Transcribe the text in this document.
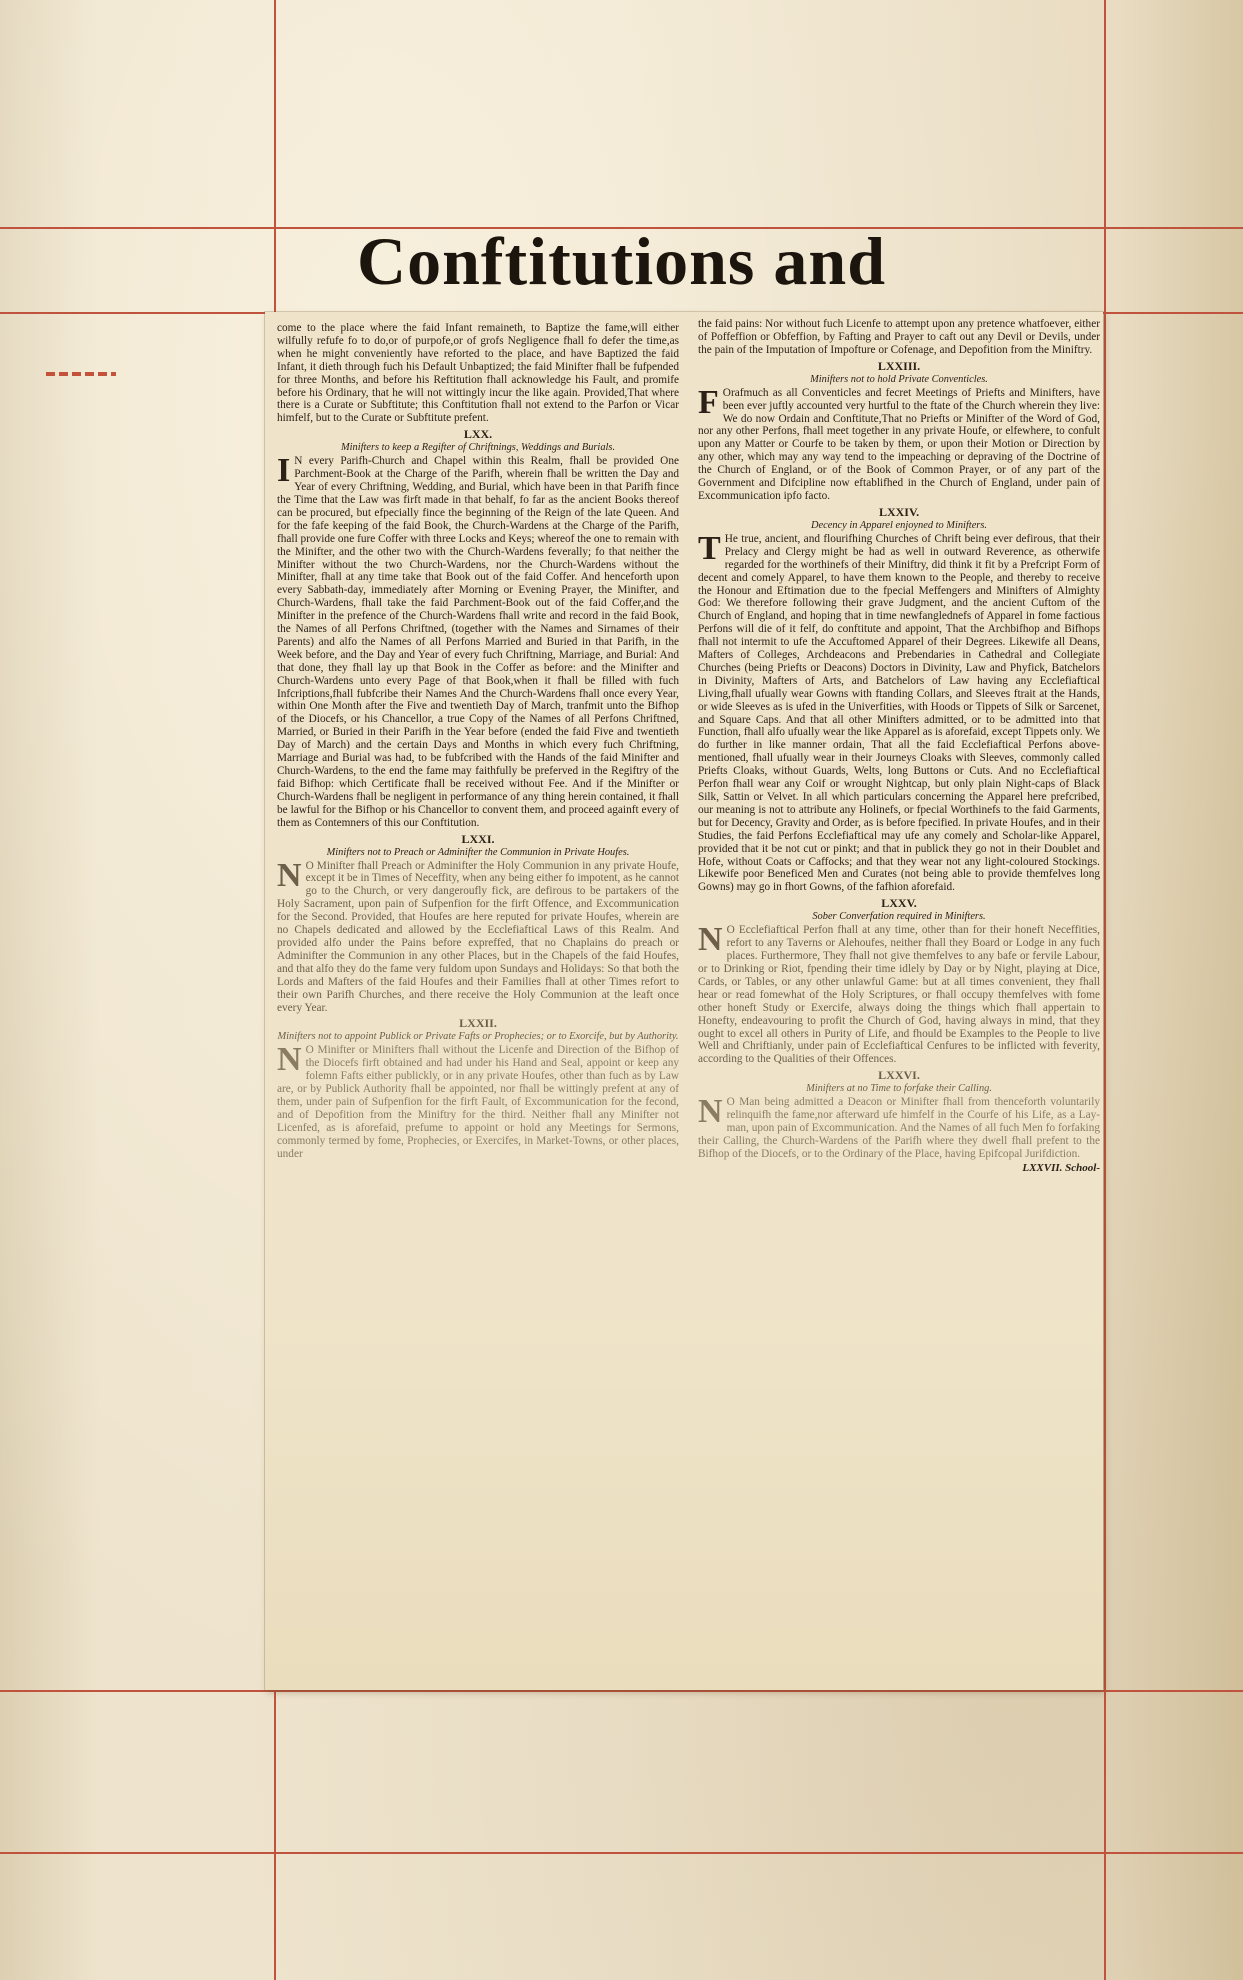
Conftitutions and

come to the place where the faid Infant remaineth, to Baptize the fame,will either wilfully refufe fo to do,or of purpofe,or of grofs Negligence fhall fo defer the time,as when he might conveniently have reforted to the place, and have Baptized the faid Infant, it dieth through fuch his Default Unbaptized; the faid Minifter fhall be fufpended for three Months, and before his Reftitution fhall acknowledge his Fault, and promife before his Ordinary, that he will not wittingly incur the like again. Provided,That where there is a Curate or Subftitute; this Conftitution fhall not extend to the Parfon or Vicar himfelf, but to the Curate or Subftitute prefent.

LXX.
Minifters to keep a Regifter of Chriftnings, Weddings and Burials.

I N every Parifh-Church and Chapel within this Realm, fhall be provided One Parchment-Book at the Charge of the Parifh, wherein fhall be written the Day and Year of every Chriftning, Wedding, and Burial, which have been in that Parifh fince the Time that the Law was firft made in that behalf, fo far as the ancient Books thereof can be procured, but efpecially fince the beginning of the Reign of the late Queen. And for the fafe keeping of the faid Book, the Church-Wardens at the Charge of the Parifh, fhall provide one fure Coffer with three Locks and Keys; whereof the one to remain with the Minifter, and the other two with the Church-Wardens feverally; fo that neither the Minifter without the two Church-Wardens, nor the Church-Wardens without the Minifter, fhall at any time take that Book out of the faid Coffer. And henceforth upon every Sabbath-day, immediately after Morning or Evening Prayer, the Minifter, and Church-Wardens, fhall take the faid Parchment-Book out of the faid Coffer,and the Minifter in the prefence of the Church-Wardens fhall write and record in the faid Book, the Names of all Perfons Chriftned, (together with the Names and Sirnames of their Parents) and alfo the Names of all Perfons Married and Buried in that Parifh, in the Week before, and the Day and Year of every fuch Chriftning, Marriage, and Burial: And that done, they fhall lay up that Book in the Coffer as before: and the Minifter and Church-Wardens unto every Page of that Book,when it fhall be filled with fuch Infcriptions,fhall fubfcribe their Names And the Church-Wardens fhall once every Year, within One Month after the Five and twentieth Day of March, tranfmit unto the Bifhop of the Diocefs, or his Chancellor, a true Copy of the Names of all Perfons Chriftned, Married, or Buried in their Parifh in the Year before (ended the faid Five and twentieth Day of March) and the certain Days and Months in which every fuch Chriftning, Marriage and Burial was had, to be fubfcribed with the Hands of the faid Minifter and Church-Wardens, to the end the fame may faithfully be preferved in the Regiftry of the faid Bifhop: which Certificate fhall be received without Fee. And if the Minifter or Church-Wardens fhall be negligent in performance of any thing herein contained, it fhall be lawful for the Bifhop or his Chancellor to convent them, and proceed againft every of them as Contemners of this our Conftitution.

LXXI.
Minifters not to Preach or Adminifter the Communion in Private Houfes.

N O Minifter fhall Preach or Adminifter the Holy Communion in any private Houfe, except it be in Times of Neceffity, when any being either fo impotent, as he cannot go to the Church, or very dangeroufly fick, are defirous to be partakers of the Holy Sacrament, upon pain of Sufpenfion for the firft Offence, and Excommunication for the Second. Provided, that Houfes are here reputed for private Houfes, wherein are no Chapels dedicated and allowed by the Ecclefiaftical Laws of this Realm. And provided alfo under the Pains before expreffed, that no Chaplains do preach or Adminifter the Communion in any other Places, but in the Chapels of the faid Houfes, and that alfo they do the fame very fuldom upon Sundays and Holidays: So that both the Lords and Mafters of the faid Houfes and their Families fhall at other Times refort to their own Parifh Churches, and there receive the Holy Communion at the leaft once every Year.

LXXII.
Minifters not to appoint Publick or Private Fafts or Prophecies; or to Exorcife, but by Authority.

N O Minifter or Minifters fhall without the Licenfe and Direction of the Bifhop of the Diocefs firft obtained and had under his Hand and Seal, appoint or keep any folemn Fafts either publickly, or in any private Houfes, other than fuch as by Law are, or by Publick Authority fhall be appointed, nor fhall be wittingly prefent at any of them, under pain of Sufpenfion for the firft Fault, of Excommunication for the fecond, and of Depofition from the Miniftry for the third. Neither fhall any Minifter not Licenfed, as is aforefaid, prefume to appoint or hold any Meetings for Sermons, commonly termed by fome, Prophecies, or Exercifes, in Market-Towns, or other places, under

the faid pains: Nor without fuch Licenfe to attempt upon any pretence whatfoever, either of Poffeffion or Obfeffion, by Fafting and Prayer to caft out any Devil or Devils, under the pain of the Imputation of Impofture or Cofenage, and Depofition from the Miniftry.

LXXIII.
Minifters not to hold Private Conventicles.

F Orafmuch as all Conventicles and fecret Meetings of Priefts and Minifters, have been ever juftly accounted very hurtful to the ftate of the Church wherein they live: We do now Ordain and Conftitute,That no Priefts or Minifter of the Word of God, nor any other Perfons, fhall meet together in any private Houfe, or elfewhere, to confult upon any Matter or Courfe to be taken by them, or upon their Motion or Direction by any other, which may any way tend to the impeaching or depraving of the Doctrine of the Church of England, or of the Book of Common Prayer, or of any part of the Government and Difcipline now eftablifhed in the Church of England, under pain of Excommunication ipfo facto.

LXXIV.
Decency in Apparel enjoyned to Minifters.

T He true, ancient, and flourifhing Churches of Chrift being ever defirous, that their Prelacy and Clergy might be had as well in outward Reverence, as otherwife regarded for the worthinefs of their Miniftry, did think it fit by a Prefcript Form of decent and comely Apparel, to have them known to the People, and thereby to receive the Honour and Eftimation due to the fpecial Meffengers and Minifters of Almighty God: We therefore following their grave Judgment, and the ancient Cuftom of the Church of England, and hoping that in time newfanglednefs of Apparel in fome factious Perfons will die of it felf, do conftitute and appoint, That the Archbifhop and Bifhops fhall not intermit to ufe the Accuftomed Apparel of their Degrees. Likewife all Deans, Mafters of Colleges, Archdeacons and Prebendaries in Cathedral and Collegiate Churches (being Priefts or Deacons) Doctors in Divinity, Law and Phyfick, Batchelors in Divinity, Mafters of Arts, and Batchelors of Law having any Ecclefiaftical Living,fhall ufually wear Gowns with ftanding Collars, and Sleeves ftrait at the Hands, or wide Sleeves as is ufed in the Univerfities, with Hoods or Tippets of Silk or Sarcenet, and Square Caps. And that all other Minifters admitted, or to be admitted into that Function, fhall alfo ufually wear the like Apparel as is aforefaid, except Tippets only. We do further in like manner ordain, That all the faid Ecclefiaftical Perfons above-mentioned, fhall ufually wear in their Journeys Cloaks with Sleeves, commonly called Priefts Cloaks, without Guards, Welts, long Buttons or Cuts. And no Ecclefiaftical Perfon fhall wear any Coif or wrought Nightcap, but only plain Night-caps of Black Silk, Sattin or Velvet. In all which particulars concerning the Apparel here prefcribed, our meaning is not to attribute any Holinefs, or fpecial Worthinefs to the faid Garments, but for Decency, Gravity and Order, as is before fpecified. In private Houfes, and in their Studies, the faid Perfons Ecclefiaftical may ufe any comely and Scholar-like Apparel, provided that it be not cut or pinkt; and that in publick they go not in their Doublet and Hofe, without Coats or Caffocks; and that they wear not any light-coloured Stockings. Likewife poor Beneficed Men and Curates (not being able to provide themfelves long Gowns) may go in fhort Gowns, of the fafhion aforefaid.

LXXV.
Sober Converfation required in Minifters.

N O Ecclefiaftical Perfon fhall at any time, other than for their honeft Neceffities, refort to any Taverns or Alehoufes, neither fhall they Board or Lodge in any fuch places. Furthermore, They fhall not give themfelves to any bafe or fervile Labour, or to Drinking or Riot, fpending their time idlely by Day or by Night, playing at Dice, Cards, or Tables, or any other unlawful Game: but at all times convenient, they fhall hear or read fomewhat of the Holy Scriptures, or fhall occupy themfelves with fome other honeft Study or Exercife, always doing the things which fhall appertain to Honefty, endeavouring to profit the Church of God, having always in mind, that they ought to excel all others in Purity of Life, and fhould be Examples to the People to live Well and Chriftianly, under pain of Ecclefiaftical Cenfures to be inflicted with feverity, according to the Qualities of their Offences.

LXXVI.
Minifters at no Time to forfake their Calling.

N O Man being admitted a Deacon or Minifter fhall from thenceforth voluntarily relinquifh the fame,nor afterward ufe himfelf in the Courfe of his Life, as a Lay-man, upon pain of Excommunication. And the Names of all fuch Men fo forfaking their Calling, the Church-Wardens of the Parifh where they dwell fhall prefent to the Bifhop of the Diocefs, or to the Ordinary of the Place, having Epifcopal Jurifdiction.

LXXVII. School-
